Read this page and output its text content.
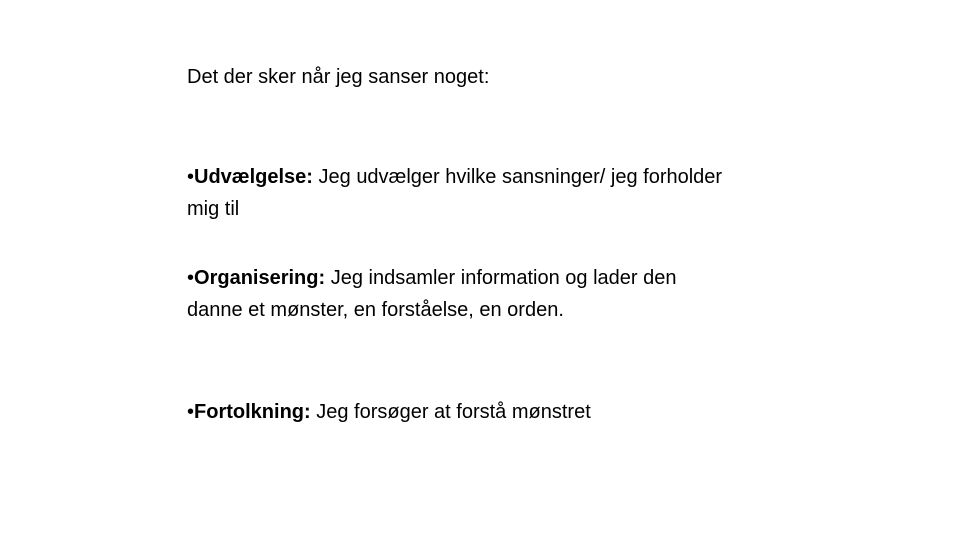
Det der sker når jeg sanser noget:
•Udvælgelse: Jeg udvælger hvilke sansninger/ jeg forholder mig til
•Organisering: Jeg indsamler information og lader den danne et mønster, en forståelse, en orden.
•Fortolkning: Jeg forsøger at forstå mønstret
